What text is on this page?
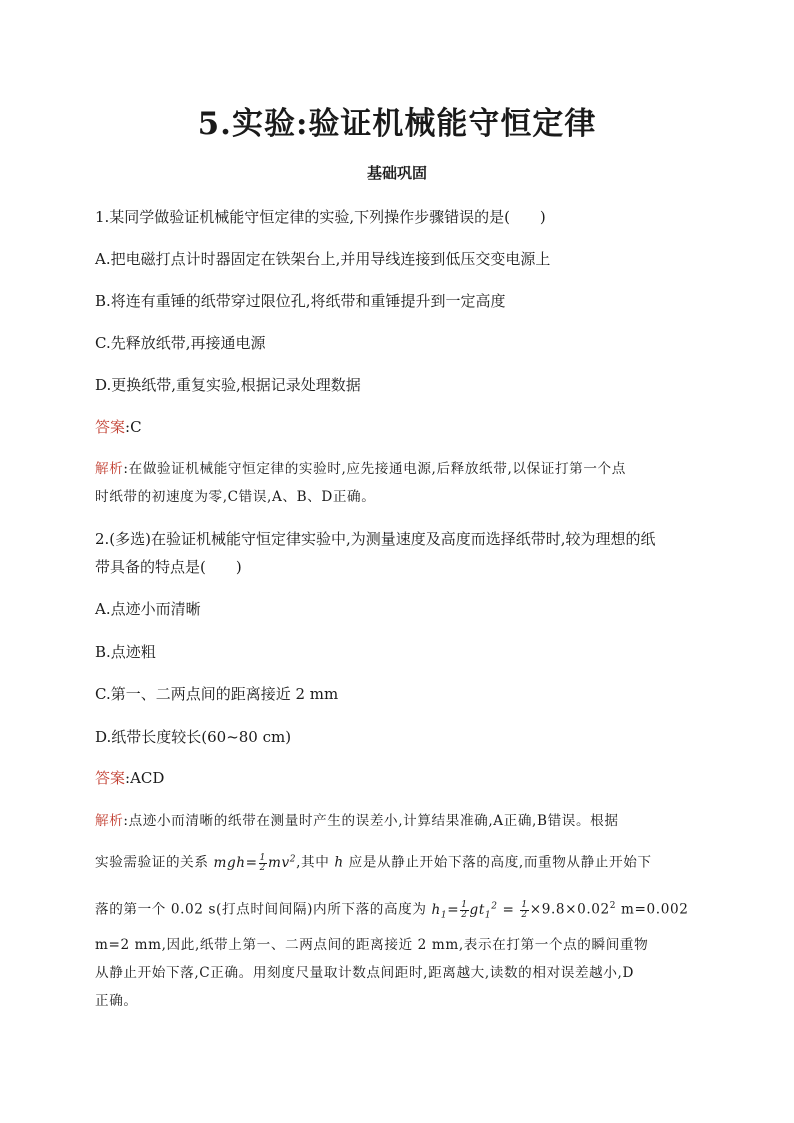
5.实验:验证机械能守恒定律
基础巩固
1.某同学做验证机械能守恒定律的实验,下列操作步骤错误的是(　　)
A.把电磁打点计时器固定在铁架台上,并用导线连接到低压交变电源上
B.将连有重锤的纸带穿过限位孔,将纸带和重锤提升到一定高度
C.先释放纸带,再接通电源
D.更换纸带,重复实验,根据记录处理数据
答案:C
解析:在做验证机械能守恒定律的实验时,应先接通电源,后释放纸带,以保证打第一个点
时纸带的初速度为零,C错误,A、B、D正确。
2.(多选)在验证机械能守恒定律实验中,为测量速度及高度而选择纸带时,较为理想的纸
带具备的特点是(　　)
A.点迹小而清晰
B.点迹粗
C.第一、二两点间的距离接近 2 mm
D.纸带长度较长(60~80 cm)
答案:ACD
解析:点迹小而清晰的纸带在测量时产生的误差小,计算结果准确,A正确,B错误。根据
实验需验证的关系 $mgh= \frac{1}{2} mv^2$,其中 h 应是从静止开始下落的高度,而重物从静止开始下
落的第一个 0.02 s(打点时间间隔)内所下落的高度为 $h_1= \frac{1}{2} gt_1^2 = \frac{1}{2} \times 9.8\times 0.02^2$ m=0.002
m=2 mm,因此,纸带上第一、二两点间的距离接近 2 mm,表示在打第一个点的瞬间重物
从静止开始下落,C正确。用刻度尺量取计数点间距时,距离越大,读数的相对误差越小,D
正确。
